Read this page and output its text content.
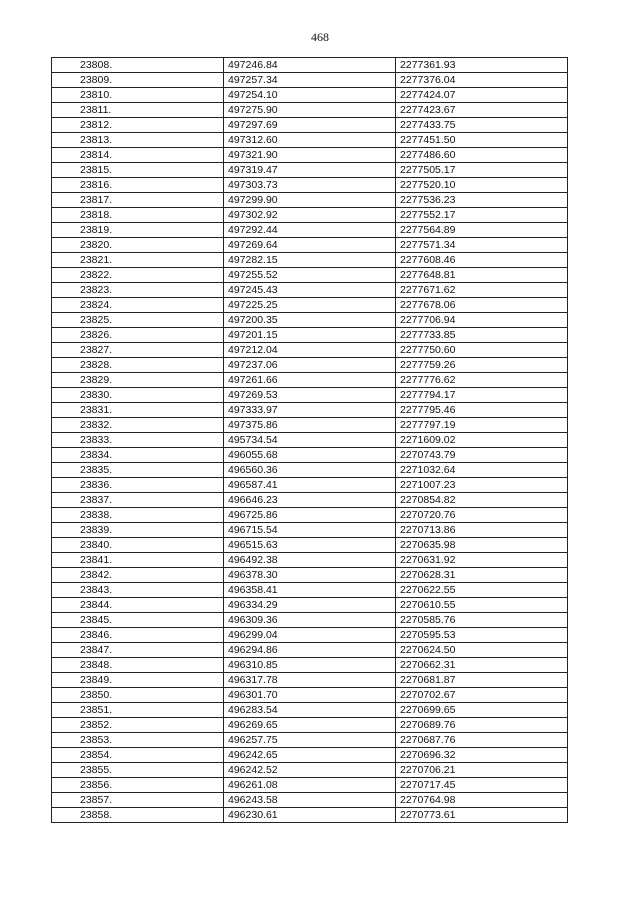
468
23808.	497246.84	2277361.93
23809.	497257.34	2277376.04
23810.	497254.10	2277424.07
23811.	497275.90	2277423.67
23812.	497297.69	2277433.75
23813.	497312.60	2277451.50
23814.	497321.90	2277486.60
23815.	497319.47	2277505.17
23816.	497303.73	2277520.10
23817.	497299.90	2277536.23
23818.	497302.92	2277552.17
23819.	497292.44	2277564.89
23820.	497269.64	2277571.34
23821.	497282.15	2277608.46
23822.	497255.52	2277648.81
23823.	497245.43	2277671.62
23824.	497225.25	2277678.06
23825.	497200.35	2277706.94
23826.	497201.15	2277733.85
23827.	497212.04	2277750.60
23828.	497237.06	2277759.26
23829.	497261.66	2277776.62
23830.	497269.53	2277794.17
23831.	497333.97	2277795.46
23832.	497375.86	2277797.19
23833.	495734.54	2271609.02
23834.	496055.68	2270743.79
23835.	496560.36	2271032.64
23836.	496587.41	2271007.23
23837.	496646.23	2270854.82
23838.	496725.86	2270720.76
23839.	496715.54	2270713.86
23840.	496515.63	2270635.98
23841.	496492.38	2270631.92
23842.	496378.30	2270628.31
23843.	496358.41	2270622.55
23844.	496334.29	2270610.55
23845.	496309.36	2270585.76
23846.	496299.04	2270595.53
23847.	496294.86	2270624.50
23848.	496310.85	2270662.31
23849.	496317.78	2270681.87
23850.	496301.70	2270702.67
23851.	496283.54	2270699.65
23852.	496269.65	2270689.76
23853.	496257.75	2270687.76
23854.	496242.65	2270696.32
23855.	496242.52	2270706.21
23856.	496261.08	2270717.45
23857.	496243.58	2270764.98
23858.	496230.61	2270773.61
